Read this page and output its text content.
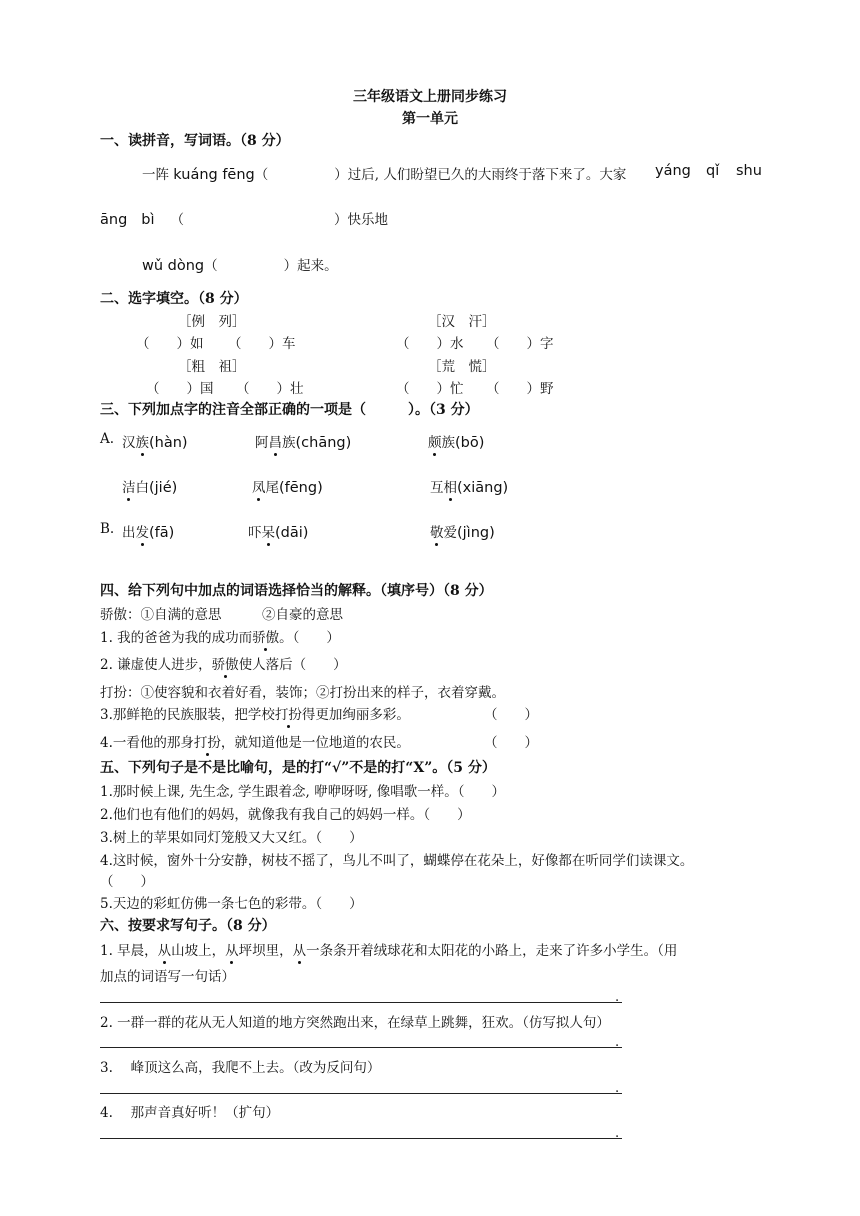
三年级语文上册同步练习
第一单元
一、读拼音，写词语。（8 分）
一阵 kuáng fēng（	）过后, 人们盼望已久的大雨终于落下来了。大家 yáng qǐ shu
āng bì （	）快乐地
wǔ dòng（	）起来。
二、选字填空。（8 分）
［例　列］	［汉　汗］
（　　）如 （　　）车	（　　）水 （　　）字
［粗　祖］	［荒　慌］
（　　）国 （　　）壮	（　　）忙 （　　）野
三、下列加点字的注音全部正确的一项是（　　　）。（3 分）
A. 汉族(hàn)	阿昌族(chāng)	颇族(bō)
洁白(jié)	凤尾(fēng)	互相(xiāng)
B. 出发(fā)	吓呆(dāi)	敬爱(jìng)
四、给下列句中加点的词语选择恰当的解释。（填序号）（8 分）
骄傲：①自满的意思　　　②自豪的意思
1. 我的爸爸为我的成功而骄傲。（　　）
2. 谦虚使人进步，骄傲使人落后（　　）
打扮：①使容貌和衣着好看，装饰；②打扮出来的样子，衣着穿戴。
3.那鲜艳的民族服装，把学校打扮得更加绚丽多彩。	（　　）
4.一看他的那身打扮，就知道他是一位地道的农民。	（　　）
五、下列句子是不是比喻句，是的打“√”不是的打“X”。（5 分）
1.那时候上课, 先生念, 学生跟着念, 咿咿呀呀, 像唱歌一样。（　　）
2.他们也有他们的妈妈，就像我有我自己的妈妈一样。（　　）
3.树上的苹果如同灯笼般又大又红。（　　）
4.这时候，窗外十分安静，树枝不摇了，鸟儿不叫了，蝴蝶停在花朵上，好像都在听同学们读课文。
（　　）
5.天边的彩虹仿佛一条七色的彩带。（　　）
六、按要求写句子。（8 分）
1. 早晨，从山坡上，从坪坝里，从一条条开着绒球花和太阳花的小路上，走来了许多小学生。（用
加点的词语写一句话）
.
2. 一群一群的花从无人知道的地方突然跑出来，在绿草上跳舞，狂欢。（仿写拟人句）
.
3.　 峰顶这么高，我爬不上去。（改为反问句）
.
4.　 那声音真好听！（扩句）
.
